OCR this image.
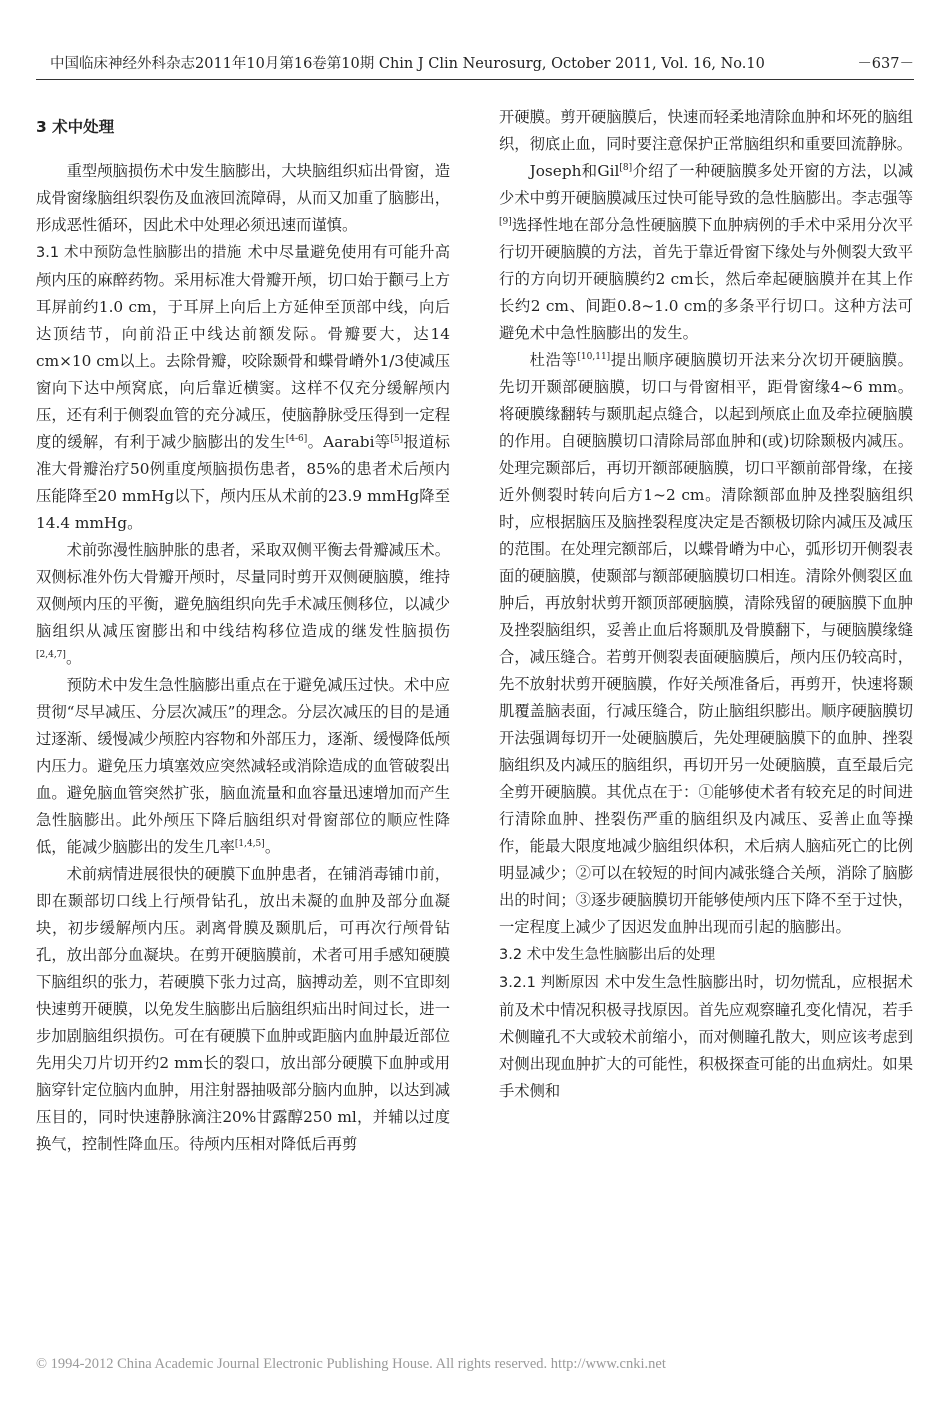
中国临床神经外科杂志2011年10月第16卷第10期 Chin J Clin Neurosurg, October 2011, Vol. 16, No.10	－637－
3 术中处理

重型颅脑损伤术中发生脑膨出，大块脑组织疝出骨窗，造成骨窗缘脑组织裂伤及血液回流障碍，从而又加重了脑膨出，形成恶性循环，因此术中处理必须迅速而谨慎。

3.1 术中预防急性脑膨出的措施 术中尽量避免使用有可能升高颅内压的麻醉药物。采用标准大骨瓣开颅，切口始于颧弓上方耳屏前约1.0 cm，于耳屏上向后上方延伸至顶部中线，向后达顶结节，向前沿正中线达前额发际。骨瓣要大，达14 cm×10 cm以上。去除骨瓣，咬除颞骨和蝶骨嵴外1/3使减压窗向下达中颅窝底，向后靠近横窦。这样不仅充分缓解颅内压，还有利于侧裂血管的充分减压，使脑静脉受压得到一定程度的缓解，有利于减少脑膨出的发生[4-6]。Aarabi等[5]报道标准大骨瓣治疗50例重度颅脑损伤患者，85%的患者术后颅内压能降至20 mmHg以下，颅内压从术前的23.9 mmHg降至14.4 mmHg。

术前弥漫性脑肿胀的患者，采取双侧平衡去骨瓣减压术。双侧标准外伤大骨瓣开颅时，尽量同时剪开双侧硬脑膜，维持双侧颅内压的平衡，避免脑组织向先手术减压侧移位，以减少脑组织从减压窗膨出和中线结构移位造成的继发性脑损伤[2,4,7]。

预防术中发生急性脑膨出重点在于避免减压过快。术中应贯彻“尽早减压、分层次减压”的理念。分层次减压的目的是通过逐渐、缓慢减少颅腔内容物和外部压力，逐渐、缓慢降低颅内压力。避免压力填塞效应突然减轻或消除造成的血管破裂出血。避免脑血管突然扩张，脑血流量和血容量迅速增加而产生急性脑膨出。此外颅压下降后脑组织对骨窗部位的顺应性降低，能减少脑膨出的发生几率[1,4,5]。

术前病情进展很快的硬膜下血肿患者，在铺消毒铺巾前，即在颞部切口线上行颅骨钻孔，放出未凝的血肿及部分血凝块，初步缓解颅内压。剥离骨膜及颞肌后，可再次行颅骨钻孔，放出部分血凝块。在剪开硬脑膜前，术者可用手感知硬膜下脑组织的张力，若硬膜下张力过高，脑搏动差，则不宜即刻快速剪开硬膜，以免发生脑膨出后脑组织疝出时间过长，进一步加剧脑组织损伤。可在有硬膜下血肿或距脑内血肿最近部位先用尖刀片切开约2 mm长的裂口，放出部分硬膜下血肿或用脑穿针定位脑内血肿，用注射器抽吸部分脑内血肿，以达到减压目的，同时快速静脉滴注20%甘露醇250 ml，并辅以过度换气，控制性降血压。待颅内压相对降低后再剪

开硬膜。剪开硬脑膜后，快速而轻柔地清除血肿和坏死的脑组织，彻底止血，同时要注意保护正常脑组织和重要回流静脉。

Joseph和Gil[8]介绍了一种硬脑膜多处开窗的方法，以减少术中剪开硬脑膜减压过快可能导致的急性脑膨出。李志强等[9]选择性地在部分急性硬脑膜下血肿病例的手术中采用分次平行切开硬脑膜的方法，首先于靠近骨窗下缘处与外侧裂大致平行的方向切开硬脑膜约2 cm长，然后牵起硬脑膜并在其上作长约2 cm、间距0.8~1.0 cm的多条平行切口。这种方法可避免术中急性脑膨出的发生。

杜浩等[10,11]提出顺序硬脑膜切开法来分次切开硬脑膜。先切开颞部硬脑膜，切口与骨窗相平，距骨窗缘4~6 mm。将硬膜缘翻转与颞肌起点缝合，以起到颅底止血及牵拉硬脑膜的作用。自硬脑膜切口清除局部血肿和(或)切除颞极内减压。处理完颞部后，再切开额部硬脑膜，切口平额前部骨缘，在接近外侧裂时转向后方1~2 cm。清除额部血肿及挫裂脑组织时，应根据脑压及脑挫裂程度决定是否额极切除内减压及减压的范围。在处理完额部后，以蝶骨嵴为中心，弧形切开侧裂表面的硬脑膜，使颞部与额部硬脑膜切口相连。清除外侧裂区血肿后，再放射状剪开额顶部硬脑膜，清除残留的硬脑膜下血肿及挫裂脑组织，妥善止血后将颞肌及骨膜翻下，与硬脑膜缘缝合，减压缝合。若剪开侧裂表面硬脑膜后，颅内压仍较高时，先不放射状剪开硬脑膜，作好关颅准备后，再剪开，快速将颞肌覆盖脑表面，行减压缝合，防止脑组织膨出。顺序硬脑膜切开法强调每切开一处硬脑膜后，先处理硬脑膜下的血肿、挫裂脑组织及内减压的脑组织，再切开另一处硬脑膜，直至最后完全剪开硬脑膜。其优点在于：①能够使术者有较充足的时间进行清除血肿、挫裂伤严重的脑组织及内减压、妥善止血等操作，能最大限度地减少脑组织体积，术后病人脑疝死亡的比例明显减少；②可以在较短的时间内减张缝合关颅，消除了脑膨出的时间；③逐步硬脑膜切开能够使颅内压下降不至于过快，一定程度上减少了因迟发血肿出现而引起的脑膨出。

3.2 术中发生急性脑膨出后的处理

3.2.1 判断原因 术中发生急性脑膨出时，切勿慌乱，应根据术前及术中情况积极寻找原因。首先应观察瞳孔变化情况，若手术侧瞳孔不大或较术前缩小，而对侧瞳孔散大，则应该考虑到对侧出现血肿扩大的可能性，积极探查可能的出血病灶。如果手术侧和

© 1994-2012 China Academic Journal Electronic Publishing House. All rights reserved. http://www.cnki.net
